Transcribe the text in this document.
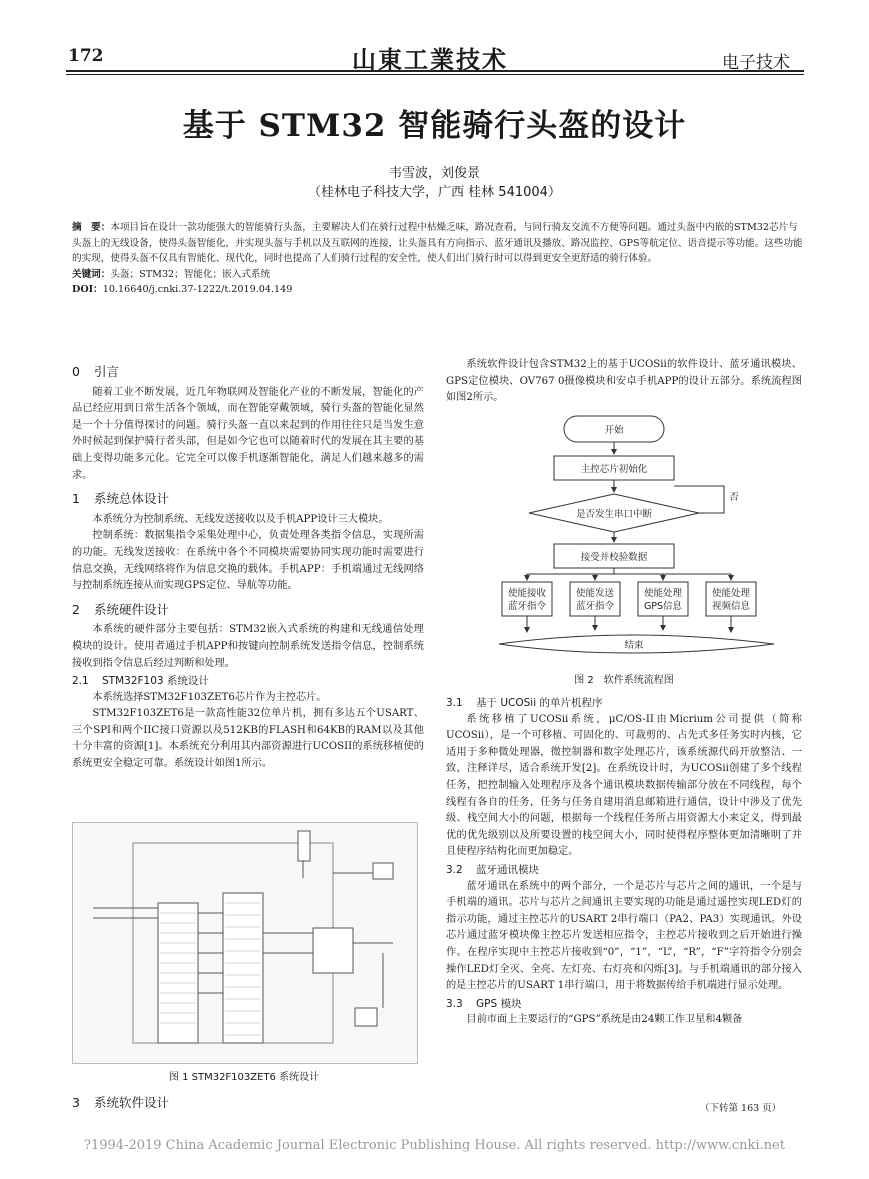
172	山東工業技术	电子技术
基于 STM32 智能骑行头盔的设计
韦雪波，刘俊景
（桂林电子科技大学，广西 桂林 541004）
摘　要：本项目旨在设计一款功能强大的智能骑行头盔，主要解决人们在骑行过程中枯燥乏味，路况查看，与同行骑友交流不方便等问题。通过头盔中内嵌的STM32芯片与头盔上的无线设备，使得头盔智能化，并实现头盔与手机以及互联网的连接，让头盔具有方向指示、蓝牙通讯及播放、路况监控、GPS等航定位、语音提示等功能。这些功能的实现，使得头盔不仅具有智能化、现代化，同时也提高了人们骑行过程的安全性，使人们出门骑行时可以得到更安全更舒适的骑行体验。
关键词：头盔；STM32；智能化；嵌入式系统
DOI：10.16640/j.cnki.37-1222/t.2019.04.149
0 引言

随着工业不断发展，近几年物联网及智能化产业的不断发展，智能化的产品已经应用到日常生活各个领域，而在智能穿戴领域，骑行头盔的智能化显然是一个十分值得探讨的问题。骑行头盔一直以来起到的作用往往只是当发生意外时候起到保护骑行者头部，但是如今它也可以随着时代的发展在其主要的基础上变得功能多元化。它完全可以像手机逐渐智能化，满足人们越来越多的需求。

1 系统总体设计

本系统分为控制系统、无线发送接收以及手机APP设计三大模块。

控制系统：数据集指令采集处理中心，负责处理各类指令信息，实现所需的功能。无线发送接收：在系统中各个不同模块需要协同实现功能时需要进行信息交换，无线网络将作为信息交换的载体。手机APP：手机端通过无线网络与控制系统连接从而实现GPS定位、导航等功能。

2 系统硬件设计

本系统的硬件部分主要包括：STM32嵌入式系统的构建和无线通信处理模块的设计。使用者通过手机APP和按键向控制系统发送指令信息，控制系统接收到指令信息后经过判断和处理。

2.1 STM32F103 系统设计

本系统选择STM32F103ZET6芯片作为主控芯片。

STM32F103ZET6是一款高性能32位单片机，拥有多达五个USART、三个SPI和两个IIC接口资源以及512KB的FLASH和64KB的RAM以及其他十分丰富的资源[1]。本系统充分利用其内部资源进行UCOSII的系统移植使的系统更安全稳定可靠。系统设计如图1所示。

图 1 STM32F103ZET6 系统设计
3 系统软件设计

系统软件设计包含STM32上的基于UCOSii的软件设计、蓝牙通讯模块、GPS定位模块、OV767 0摄像模块和安卓手机APP的设计五部分。系统流程图如图2所示。

开始
主控芯片初始化
是否发生串口中断
否
接受并校验数据
使能接收
蓝牙指令
使能发送
蓝牙指令
使能处理
GPS信息
使能处理
视频信息
结束
图 2　软件系统流程图
3.1 基于 UCOSii 的单片机程序

系统移植了UCOSii系统，μC/OS-II由Micrium公司提供（简称UCOSii），是一个可移植、可固化的、可裁剪的、占先式多任务实时内核，它适用于多种微处理器，微控制器和数字处理芯片，该系统源代码开放整洁、一致，注释详尽，适合系统开发[2]。在系统设计时，为UCOSii创建了多个线程任务，把控制输入处理程序及各个通讯模块数据传输部分放在不同线程，每个线程有各自的任务，任务与任务自建用消息邮箱进行通信，设计中涉及了优先级、栈空间大小的问题，根据每一个线程任务所占用资源大小来定义，得到最优的优先级别以及所要设置的栈空间大小，同时使得程序整体更加清晰明了并且使程序结构化而更加稳定。

3.2 蓝牙通讯模块

蓝牙通讯在系统中的两个部分，一个是芯片与芯片之间的通讯，一个是与手机端的通讯。芯片与芯片之间通讯主要实现的功能是通过遥控实现LED灯的指示功能，通过主控芯片的USART 2串行端口（PA2、PA3）实现通讯。外设芯片通过蓝牙模块像主控芯片发送相应指令，主控芯片接收到之后开始进行操作。在程序实现中主控芯片接收到“0”，“1”，“L”，“R”，“F”字符指令分别会操作LED灯全灭、全亮、左灯亮、右灯亮和闪烁[3]。与手机端通讯的部分接入的是主控芯片的USART 1串行端口，用于将数据传给手机端进行显示处理。

3.3 GPS 模块

目前市面上主要运行的“GPS”系统是由24颗工作卫星和4颗备

（下转第 163 页）
?1994-2019 China Academic Journal Electronic Publishing House. All rights reserved. http://www.cnki.net
